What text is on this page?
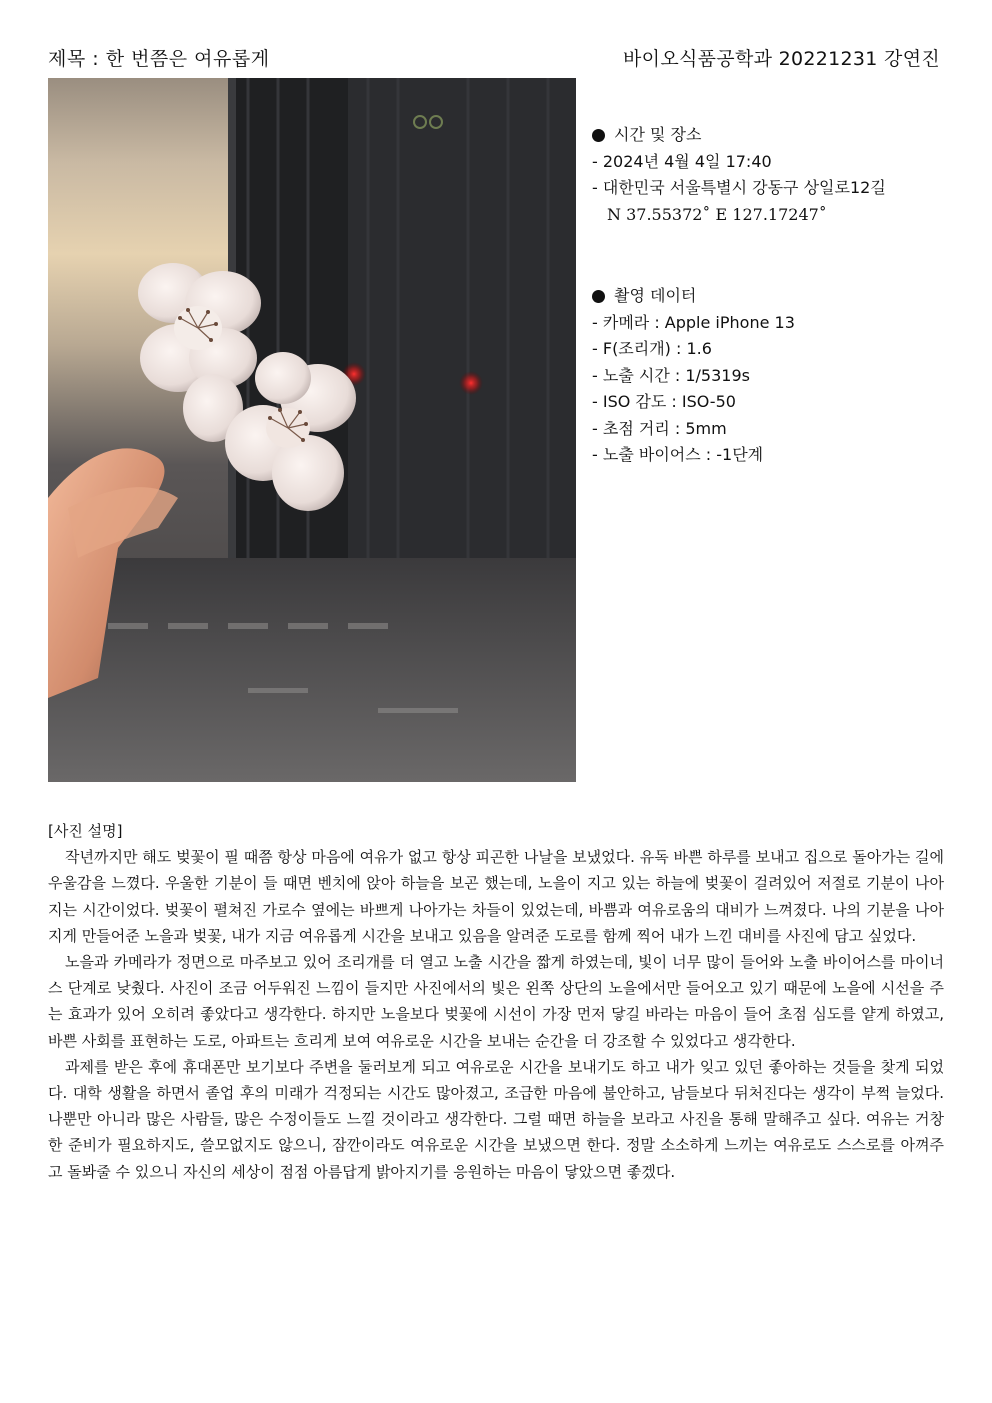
제목 : 한 번쯤은 여유롭게	바이오식품공학과 20221231 강연진
시간 및 장소
- 2024년 4월 4일 17:40
- 대한민국 서울특별시 강동구 상일로12길
N 37.55372˚ E 127.17247˚
촬영 데이터
- 카메라 : Apple iPhone 13
- F(조리개) : 1.6
- 노출 시간 : 1/5319s
- ISO 감도 : ISO-50
- 초점 거리 : 5mm
- 노출 바이어스 : -1단계

[사진 설명]

작년까지만 해도 벚꽃이 필 때쯤 항상 마음에 여유가 없고 항상 피곤한 나날을 보냈었다. 유독 바쁜 하루를 보내고 집으로 돌아가는 길에 우울감을 느꼈다. 우울한 기분이 들 때면 벤치에 앉아 하늘을 보곤 했는데, 노을이 지고 있는 하늘에 벚꽃이 걸려있어 저절로 기분이 나아지는 시간이었다. 벚꽃이 펼쳐진 가로수 옆에는 바쁘게 나아가는 차들이 있었는데, 바쁨과 여유로움의 대비가 느껴졌다. 나의 기분을 나아지게 만들어준 노을과 벚꽃, 내가 지금 여유롭게 시간을 보내고 있음을 알려준 도로를 함께 찍어 내가 느낀 대비를 사진에 담고 싶었다.

노을과 카메라가 정면으로 마주보고 있어 조리개를 더 열고 노출 시간을 짧게 하였는데, 빛이 너무 많이 들어와 노출 바이어스를 마이너스 단계로 낮췄다. 사진이 조금 어두워진 느낌이 들지만 사진에서의 빛은 왼쪽 상단의 노을에서만 들어오고 있기 때문에 노을에 시선을 주는 효과가 있어 오히려 좋았다고 생각한다. 하지만 노을보다 벚꽃에 시선이 가장 먼저 닿길 바라는 마음이 들어 초점 심도를 얕게 하였고, 바쁜 사회를 표현하는 도로, 아파트는 흐리게 보여 여유로운 시간을 보내는 순간을 더 강조할 수 있었다고 생각한다.

과제를 받은 후에 휴대폰만 보기보다 주변을 둘러보게 되고 여유로운 시간을 보내기도 하고 내가 잊고 있던 좋아하는 것들을 찾게 되었다. 대학 생활을 하면서 졸업 후의 미래가 걱정되는 시간도 많아졌고, 조급한 마음에 불안하고, 남들보다 뒤처진다는 생각이 부쩍 늘었다. 나뿐만 아니라 많은 사람들, 많은 수정이들도 느낄 것이라고 생각한다. 그럴 때면 하늘을 보라고 사진을 통해 말해주고 싶다. 여유는 거창한 준비가 필요하지도, 쓸모없지도 않으니, 잠깐이라도 여유로운 시간을 보냈으면 한다. 정말 소소하게 느끼는 여유로도 스스로를 아껴주고 돌봐줄 수 있으니 자신의 세상이 점점 아름답게 밝아지기를 응원하는 마음이 닿았으면 좋겠다.
